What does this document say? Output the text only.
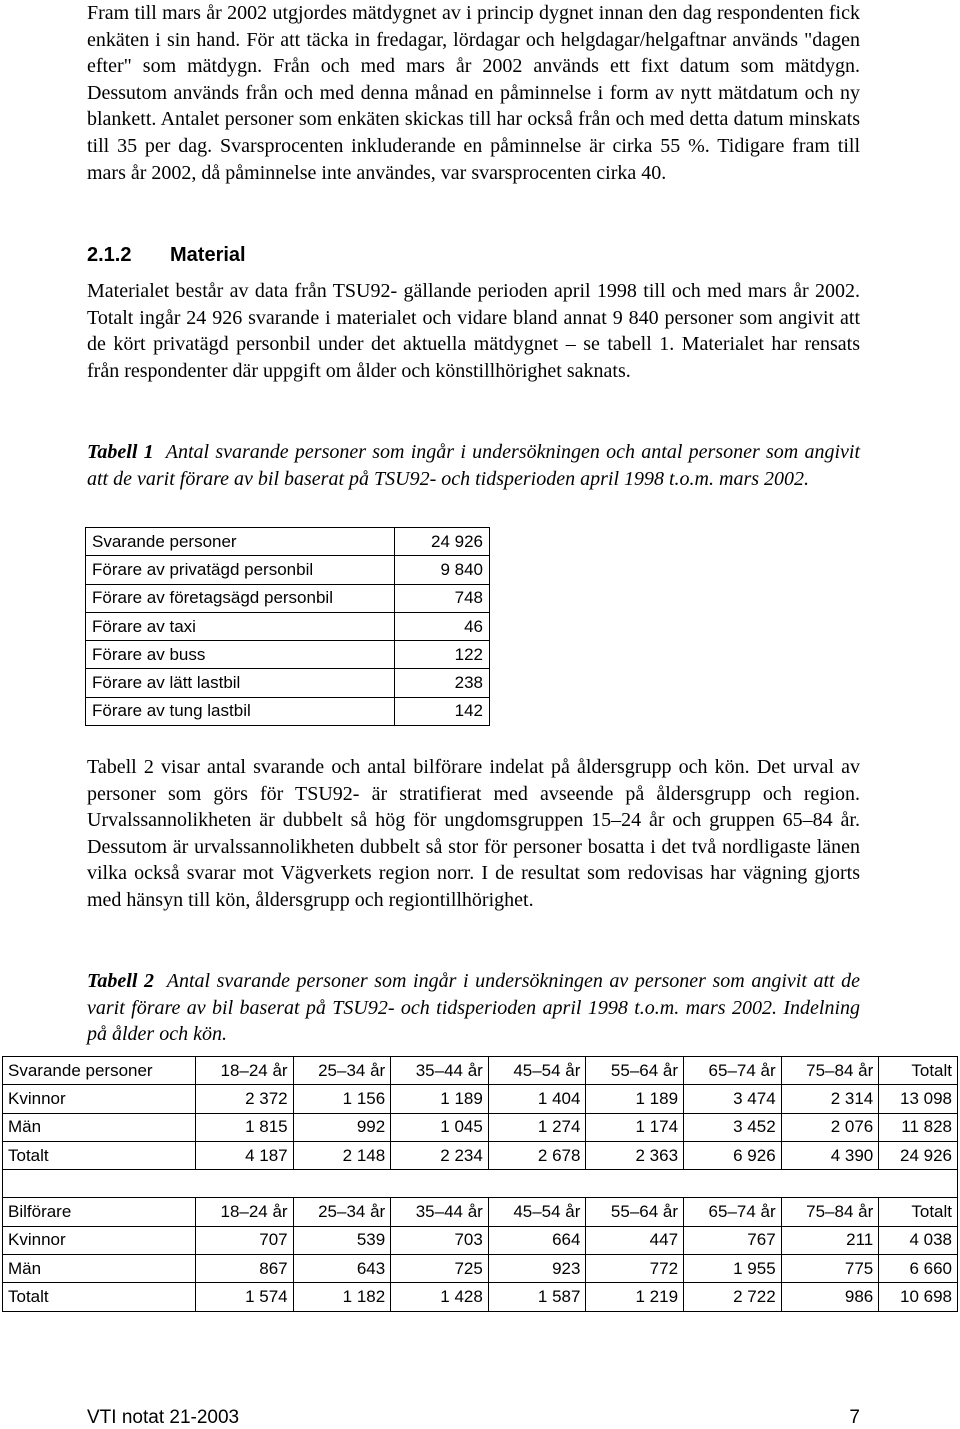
Fram till mars år 2002 utgjordes mätdygnet av i princip dygnet innan den dag respondenten fick enkäten i sin hand. För att täcka in fredagar, lördagar och helgdagar/helgaftnar används "dagen efter" som mätdygn. Från och med mars år 2002 används ett fixt datum som mätdygn. Dessutom används från och med denna månad en påminnelse i form av nytt mätdatum och ny blankett. Antalet personer som enkäten skickas till har också från och med detta datum minskats till 35 per dag. Svarsprocenten inkluderande en påminnelse är cirka 55 %. Tidigare fram till mars år 2002, då påminnelse inte användes, var svarsprocenten cirka 40.

2.1.2 Material

Materialet består av data från TSU92- gällande perioden april 1998 till och med mars år 2002. Totalt ingår 24 926 svarande i materialet och vidare bland annat 9 840 personer som angivit att de kört privatägd personbil under det aktuella mätdygnet – se tabell 1. Materialet har rensats från respondenter där uppgift om ålder och könstillhörighet saknats.

Tabell 1 Antal svarande personer som ingår i undersökningen och antal personer som angivit att de varit förare av bil baserat på TSU92- och tidsperioden april 1998 t.o.m. mars 2002.

Svarande personer	24 926
Förare av privatägd personbil	9 840
Förare av företagsägd personbil	748
Förare av taxi	46
Förare av buss	122
Förare av lätt lastbil	238
Förare av tung lastbil	142

Tabell 2 visar antal svarande och antal bilförare indelat på åldersgrupp och kön. Det urval av personer som görs för TSU92- är stratifierat med avseende på åldersgrupp och region. Urvalssannolikheten är dubbelt så hög för ungdomsgruppen 15–24 år och gruppen 65–84 år. Dessutom är urvalssannolikheten dubbelt så stor för personer bosatta i det två nordligaste länen vilka också svarar mot Vägverkets region norr. I de resultat som redovisas har vägning gjorts med hänsyn till kön, åldersgrupp och regiontillhörighet.

Tabell 2 Antal svarande personer som ingår i undersökningen av personer som angivit att de varit förare av bil baserat på TSU92- och tidsperioden april 1998 t.o.m. mars 2002. Indelning på ålder och kön.

Svarande personer	18–24 år	25–34 år	35–44 år	45–54 år	55–64 år	65–74 år	75–84 år	Totalt
Kvinnor	2 372	1 156	1 189	1 404	1 189	3 474	2 314	13 098
Män	1 815	992	1 045	1 274	1 174	3 452	2 076	11 828
Totalt	4 187	2 148	2 234	2 678	2 363	6 926	4 390	24 926

Bilförare	18–24 år	25–34 år	35–44 år	45–54 år	55–64 år	65–74 år	75–84 år	Totalt
Kvinnor	707	539	703	664	447	767	211	4 038
Män	867	643	725	923	772	1 955	775	6 660
Totalt	1 574	1 182	1 428	1 587	1 219	2 722	986	10 698
VTI notat 21-2003	7
